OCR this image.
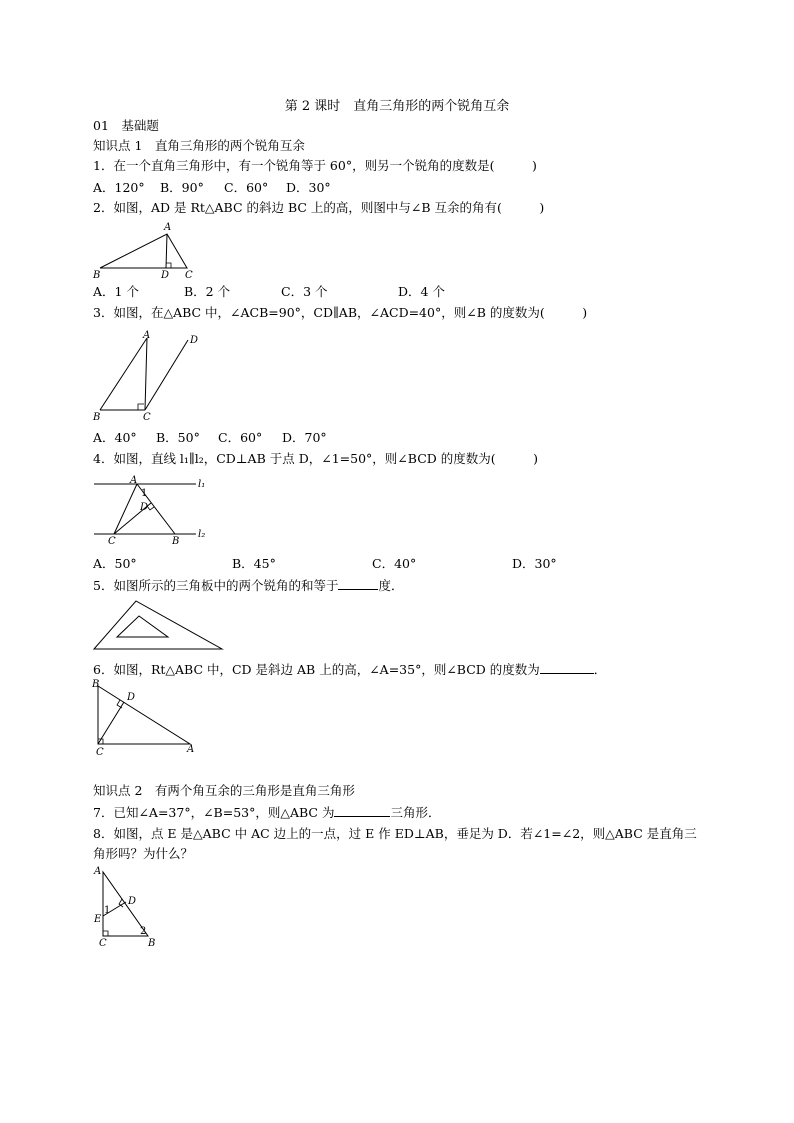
第 2 课时　直角三角形的两个锐角互余
01　基础题
知识点 1　直角三角形的两个锐角互余
1．在一个直角三角形中，有一个锐角等于 60°，则另一个锐角的度数是(　　　)
A．120° B．90° C．60° D．30°
2．如图，AD 是 Rt△ABC 的斜边 BC 上的高，则图中与∠B 互余的角有(　　　)
A
B	D C
A．1 个	B．2 个	C．3 个	D．4 个
3．如图，在△ABC 中，∠ACB=90°，CD∥AB，∠ACD=40°，则∠B 的度数为(　　　)
A	D
B	C
A．40° B．50° C．60° D．70°
4．如图，直线 l₁∥l₂，CD⊥AB 于点 D，∠1=50°，则∠BCD 的度数为(　　　)
A
1
D
C	B
l₁
l₂
A．50°	B．45°	C．40°	D．30°
5．如图所示的三角板中的两个锐角的和等于	度．
6．如图，Rt△ABC 中，CD 是斜边 AB 上的高，∠A=35°，则∠BCD 的度数为	．
B
D
C	A
知识点 2　有两个角互余的三角形是直角三角形
7．已知∠A=37°，∠B=53°，则△ABC 为	三角形．
8．如图，点 E 是△ABC 中 AC 边上的一点，过 E 作 ED⊥AB，垂足为 D．若∠1=∠2，则△ABC 是直角三
角形吗？为什么？
A
D
1
E
2
C	B
